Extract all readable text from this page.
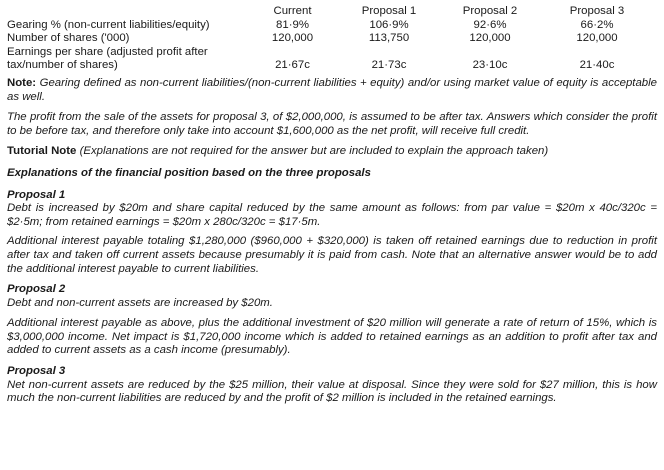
	Current	Proposal 1	Proposal 2	Proposal 3
Gearing % (non-current liabilities/equity)	81·9%	106·9%	92·6%	66·2%
Number of shares ('000)	120,000	113,750	120,000	120,000
Earnings per share (adjusted profit after				
tax/number of shares)	21·67c	21·73c	23·10c	21·40c

Note: Gearing defined as non-current liabilities/(non-current liabilities + equity) and/or using market value of equity is acceptable as well.

The profit from the sale of the assets for proposal 3, of $2,000,000, is assumed to be after tax. Answers which consider the profit to be before tax, and therefore only take into account $1,600,000 as the net profit, will receive full credit.

Tutorial Note (Explanations are not required for the answer but are included to explain the approach taken)

Explanations of the financial position based on the three proposals

Proposal 1

Debt is increased by $20m and share capital reduced by the same amount as follows: from par value = $20m x 40c/320c = $2·5m; from retained earnings = $20m x 280c/320c = $17·5m.

Additional interest payable totaling $1,280,000 ($960,000 + $320,000) is taken off retained earnings due to reduction in profit after tax and taken off current assets because presumably it is paid from cash. Note that an alternative answer would be to add the additional interest payable to current liabilities.

Proposal 2

Debt and non-current assets are increased by $20m.

Additional interest payable as above, plus the additional investment of $20 million will generate a rate of return of 15%, which is $3,000,000 income. Net impact is $1,720,000 income which is added to retained earnings as an addition to profit after tax and added to current assets as a cash income (presumably).

Proposal 3

Net non-current assets are reduced by the $25 million, their value at disposal. Since they were sold for $27 million, this is how much the non-current liabilities are reduced by and the profit of $2 million is included in the retained earnings.
